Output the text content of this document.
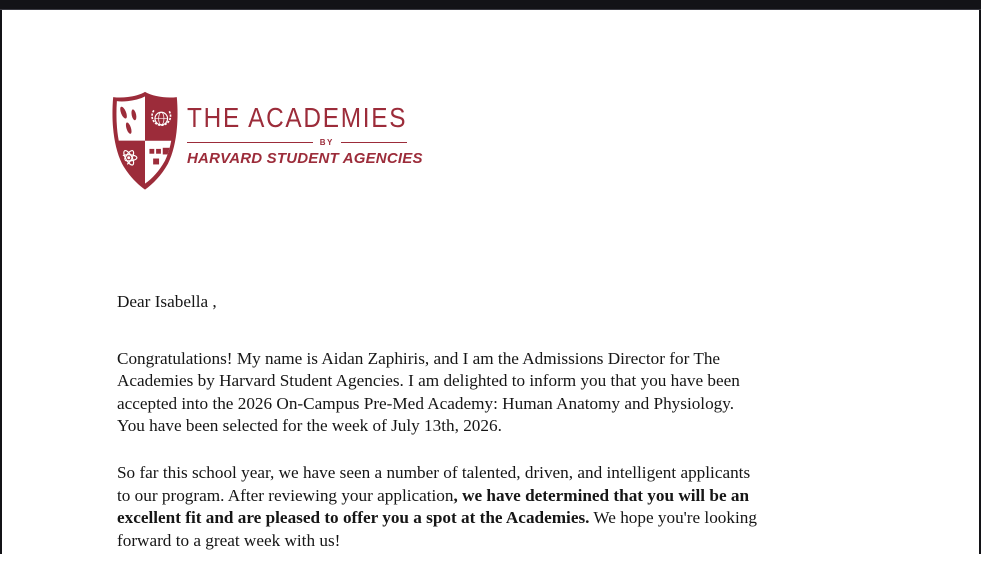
THE ACADEMIES
BY
HARVARD STUDENT AGENCIES

Dear Isabella ,

Congratulations! My name is Aidan Zaphiris, and I am the Admissions Director for The
Academies by Harvard Student Agencies. I am delighted to inform you that you have been
accepted into the 2026 On-Campus Pre-Med Academy: Human Anatomy and Physiology.
You have been selected for the week of July 13th, 2026.

So far this school year, we have seen a number of talented, driven, and intelligent applicants
to our program. After reviewing your application, we have determined that you will be an
excellent fit and are pleased to offer you a spot at the Academies. We hope you're looking
forward to a great week with us!
